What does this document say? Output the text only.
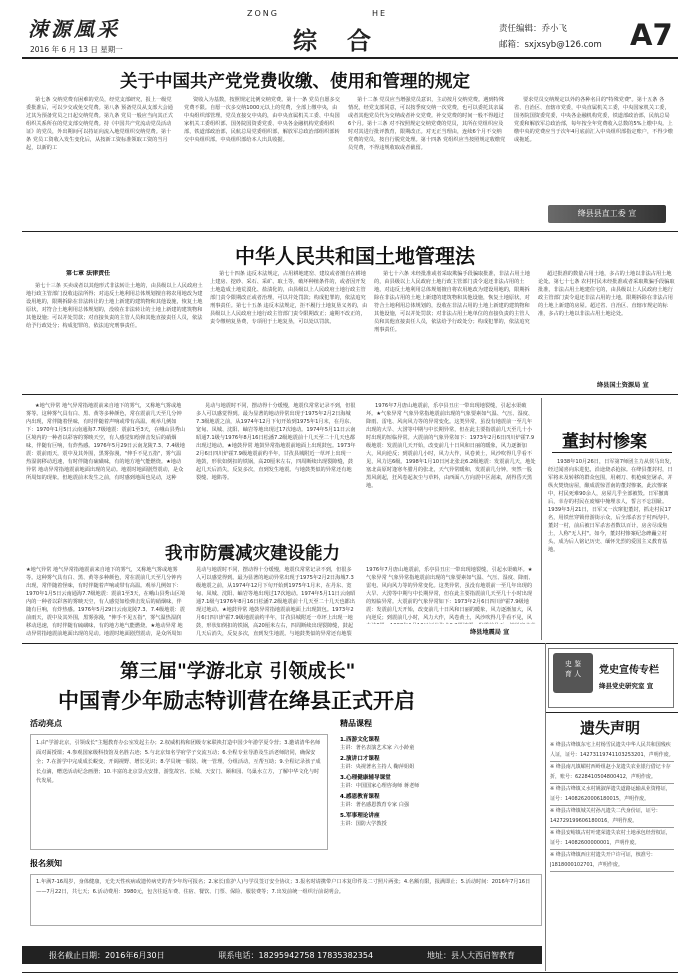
涑源風采
2016 年 6 月 13 日 星期一
ZONG	HE
综合	责任编辑：乔小飞
邮箱：sxjxsyb@126.com A7
关于中国共产党党费收缴、使用和管理的规定

第七条 交纳党费有困难的党员，经党支部研究，报上一级党委批准后，可以少交或免交党费。第八条 预备党员从支部大会通过其为预备党员之日起交纳党费。第九条 党员一般应当向其正式组织关系所在的党支部交纳党费。持《中国共产党流动党员活动证》的党员，外出期间可以持证向流入地党组织交纳党费。第十条 党员工资收入发生变化后，从按新工资标准领取工资的当月起，以新的工

资收入为基数，按照规定比例交纳党费。第十一条 党员自愿多交党费不限。自愿一次多交纳1000元以上的党费，全部上缴中央，由中央组织部管理。党员直接交中央的，由中央直属机关工委、中央国家机关工委组织部、国务院国资委党委、中央各金融机构党委组织部，铁道部政治部，民航总局党委组织部，解放军总政治部组织部转交中央组织部。中央组织部给本人出具收据。

第十二条 党员应当增强党员意识，主动按月交纳党费。遇到特殊情况，经党支部同意，可以按季度交纳一次党费，也可以委托其亲属或者其他党员代为交纳或者补交党费。补交党费的时间一般不得超过6个月。第十三条 对不按照规定交纳党费的党员，其所在党组织应及时对其进行批评教育，限期改正。对无正当理由，连续6个月不交纳党费的党员，按自行脱党处理。第十四条 党组织应当按照规定收缴党员党费，不得违规收取或者截留。

要求党员交纳规定以外的各种名目的"特殊党费"。第十五条 各省、自治区、直辖市党委，中央直属机关工委，中央国家机关工委，国务院国资委党委，中央各金融机构党委，铁道部政治部，民航总局党委和解放军总政治部，每年按全年党费收入总数的5%上缴中央。上缴中央的党费应当于次年4月底前汇入中央组织部指定账户，不得少缴或拖延。

绛县县直工委 宣
中华人民共和国土地管理法
第七章 法律责任

第七十三条 买卖或者以其他形式非法转让土地的，由县级以上人民政府土地行政主管部门没收违法所得；对违反土地利用总体规划擅自将农用地改为建设用地的，限期拆除在非法转让的土地上新建的建筑物和其他设施，恢复土地原状，对符合土地利用总体规划的，没收在非法转让的土地上新建的建筑物和其他设施；可以并处罚款；对直接负责的主管人员和其他直接责任人员，依法给予行政处分；构成犯罪的，依法追究刑事责任。

第七十四条 违反本法规定，占用耕地建窑、建坟或者擅自在耕地上建房、挖砂、采石、采矿、取土等，破坏种植条件的，或者因开发土地造成土地荒漠化、盐渍化的，由县级以上人民政府土地行政主管部门责令限期改正或者治理，可以并处罚款；构成犯罪的，依法追究刑事责任。第七十五条 违反本法规定，拒不履行土地复垦义务的，由县级以上人民政府土地行政主管部门责令限期改正；逾期不改正的，责令缴纳复垦费，专项用于土地复垦，可以处以罚款。

第七十六条 未经批准或者采取欺骗手段骗取批准，非法占用土地的，由县级以上人民政府土地行政主管部门责令退还非法占用的土地，对违反土地利用总体规划擅自将农用地改为建设用地的，限期拆除在非法占用的土地上新建的建筑物和其他设施，恢复土地原状，对符合土地利用总体规划的，没收在非法占用的土地上新建的建筑物和其他设施，可以并处罚款；对非法占用土地单位的直接负责的主管人员和其他直接责任人员，依法给予行政处分；构成犯罪的，依法追究刑事责任。

超过批准的数量占用土地，多占的土地以非法占用土地论处。第七十七条 农村村民未经批准或者采取欺骗手段骗取批准，非法占用土地建住宅的，由县级以上人民政府土地行政主管部门责令退还非法占用的土地，限期拆除在非法占用的土地上新建的房屋。超过省、自治区、直辖市规定的标准，多占的土地以非法占用土地论处。

绛县国土资源局 宣

★地气异常 地气异常指地震前来自地下的雾气，又称地气雾或地雾等。这种雾气具有白、黑、黄等多种颜色，常在震前几天至几分钟内出现，常伴随着怪味，有时伴随着声响或带有高温。观举几例如下：1970年1月5日云南通海7.7级地震：震前1至3天，在峨山县秀山区境内的一种者以彩客的雾映天空，有人感觉如绘弹击发后的硝烟味，伴随有巨响，有炸热感。1976年5月29日云南龙陵7.3、7.4级地震：震前雨天，震中及其外围，黑雾弥漫，"伸手不见五指"，雾气温热湿润移动迅速，有时伴随有硫磺味，有的地方地气能燃烧。★地动异常 地动异常指地震前地面出现的晃动。地震时地面剧烈震动，是众所周知的现象。但地震前未发生之前，有时感到地面也晃动，这种

晃动与地震时不同，摆动得十分缓慢，地震仪常常记录不到，但很多人可以感觉得到。最为显著的地动异常出现于1975年2月2日海城7.3级地震之前，从1974年12月下旬开始到1975年1月末，在丹东、宽甸、凤城、沈阳、岫岩等地出现过17次地动。1974年5月11日云南昭通7.1级与1976年8月16日松潘7.2级地震前十几天至二十几天也都出现过地动。★地鼓异常 地鼓异常指地震前地面上出现鼓包。1973年2月6日四川炉霍7.9级地震前约半年，甘孜县城附近一草坪上出现一地鼓，形状如倒扣的铁锅，高20厘米左右，四周断续出现裂隙缝，鼓起几天后消失，反复多次，直到发生地震。与地鼓类似的异常还有地裂缝、地陷等。

1976年7月唐山地震前，乐亭县丑庄一带出现地裂缝，引起水渠破坏。★气象异常 气象异常指地震前出现的气象要素如气温、气压、湿度、降雨、雷电、风向风力等的异常变化。这类异常，虽没有地震前一至几年出现的大旱、大涝等中期与中长期异常，但在此主要指震前几天至几十小时出现的短临异常。大震前的气象异常如下：1973年2月6日四川炉霍7.9级地震：发震前几天开始，改变前几十日风和日丽的暖象，风力逐渐加大，风向逆反；到震前几小时，风力大作，风卷黄土，风沙吹得几乎看不见，风力达6级。1998年1月10日河北张北6.2级地震：发震前几天，地处塞北高原时逢寒冬腊月的张北，天气异常暖和，发震前几分钟，突然一股黑风刮起，狂风卷起灰尘与草料，由西面八方向震中区刮来，刮得昏天黑地。

我市防震减灾建设能力

★地气异常 地气异常指地震前来自地下的雾气，又称地气雾或地雾等。这种雾气具有白、黑、黄等多种颜色，常在震前几天至几分钟内出现，常伴随着怪味，有时伴随着声响或带有高温。观举几例如下：1970年1月5日云南通海7.7级地震：震前1至3天，在峨山县秀山区境内的一种者以彩客的雾映天空，有人感觉如绘弹击发后的硝烟味，伴随有巨响，有炸热感。1976年5月29日云南龙陵7.3、7.4级地震：震前雨天，震中及其外围，黑雾弥漫，"伸手不见五指"，雾气温热湿润移动迅速，有时伴随有硫磺味，有的地方地气能燃烧。★地动异常 地动异常指地震前地面出现的晃动。地震时地面剧烈震动，是众所周知

晃动与地震时不同，摆动得十分缓慢，地震仪常常记录不到，但很多人可以感觉得到。最为显著的地动异常出现于1975年2月2日海城7.3级地震之前，从1974年12月下旬开始到1975年1月末，在丹东、宽甸、凤城、沈阳、岫岩等地出现过17次地动。1974年5月11日云南昭通7.1级与1976年8月16日松潘7.2级地震前十几天至二十几天也都出现过地动。★地鼓异常 地鼓异常指地震前地面上出现鼓包。1973年2月6日四川炉霍7.9级地震前约半年，甘孜县城附近一草坪上出现一地鼓，形状如倒扣的铁锅，高20厘米左右，四周断续出现裂隙缝，鼓起几天后消失，反复多次，直到发生地震。与地鼓类似的异常还有地裂

1976年7月唐山地震前，乐亭县丑庄一带出现地裂缝，引起水渠破坏。★气象异常 气象异常指地震前出现的气象要素如气温、气压、湿度、降雨、雷电、风向风力等的异常变化。这类异常，虽没有地震前一至几年出现的大旱、大涝等中期与中长期异常，但在此主要指震前几天至几十小时出现的短临异常。大震前的气象异常如下：1973年2月6日四川炉霍7.9级地震：发震前几天开始，改变前几十日风和日丽的暖象，风力逐渐加大，风向逆反；到震前几小时，风力大作，风卷黄土，风沙吹得几乎看不见，风

绛县地震局 宣
董封村惨案

1938年10月26日，日军第7师团主力从侯马出发，经过闻喜向东进犯，沿途烧杀抢掠。在绛县董封村，日军将未及转移的群众包围，用刺刀、机枪疯狂屠杀，并纵火焚烧房屋，酿成震惊晋南的董封惨案。此次惨案中，村民死难90余人，房屋几乎全部被毁。日军撤离后，幸存的村民在废墟中掩埋亲人，誓言不忘国耻。1939年3月21日，日军又一次窜犯董封，抓走村民17名，用铁丝穿锁骨游街示众，后全部杀害于村西沟中。董封一村，前后被日军杀害者数以百计，房舍尽成焦土，人称"无人村"。如今，董封村惨案纪念碑矗立村头，成为后人铭记历史、缅怀先烈的爱国主义教育基地。

第三届"学游北京 引领成长"
中国青少年励志特训营在绛县正式开启
活动亮点
1.由"学游北京，引领成长"主题教育办公室发起主办；2.权威机构和团级专家联袂打造中国少年游学夏令营；3.邀请清华名师面对面授课；4.参观国家级科技馆及名胜古迹；5.与北京知名学府学子交流互动；6.全程专业导游及生活老师陪同，确保安全；7.在游学中完成成长蜕变，开阔视野、增长见识；8.学员统一服装、统一管理，分组活动，互帮互助；9.全程记录孩子成长点滴，赠送活动纪念画册；10.丰富的北京景点安排，游览故宫、长城、天安门、颐和园、鸟巢水立方，了解中华文化与时代发展。
精品课程
1.西游文化课程
主讲：著名表演艺术家 六小龄童
2.演讲口才课程
主讲：央视著名主持人 鞠萍姐姐
3.心理健康辅导课堂
主讲：中国国家心理咨询师 蒋老师
4.感恩教育课程
主讲：著名感恩教育专家 白强
5.军事理论讲座
主讲：国防大学教授
报名须知
1.年满7-16周岁，身体健康，无先天性疾病或遗传病史的青少年均可报名；2.家长(监护人)与学员签订安全协议；3.报名时请携带户口本复印件及二寸照片两张；4.名额有限，报满即止；5.活动时间：2016年7月16日——7月22日，共七天；6.活动费用：3980元，包含往返车费、住宿、餐饮、门票、保险、服装费等；7.出发前统一组织行前说明会。
报名截止日期：2016年6月30日	联系电话：18295942758 17835382354	地址：县人大西启智教育
史 鉴
育 人	党史宣传专栏
绛县党史研究室 宣
遗失声明
※ 绛县古绛镇东宅上村杨雪民遗失中华人民共和国残疾人证，证号：14273119741103253201，声明作废。
※ 绛县南凡镇嵋村西岭组赵小龙遗失农业银行借记卡存折，账号：6228410504800412，声明作废。
※ 绛县古绛镇义水村姚淑萍遗失道路运输从业资格证，证号：14082620006180015，声明作废。
※ 绛县古绛镇城关村孙凡遗失二代身份证，证号：142729199606180016，声明作废。
※ 绛县安峪镇古村叶建荣遗失农村土地承包经营权证，证号：14082600000001，声明作废。
※ 绛县古绛镇西庄村遗失开户许可证，核准号：J1818000102701，声明作废。
